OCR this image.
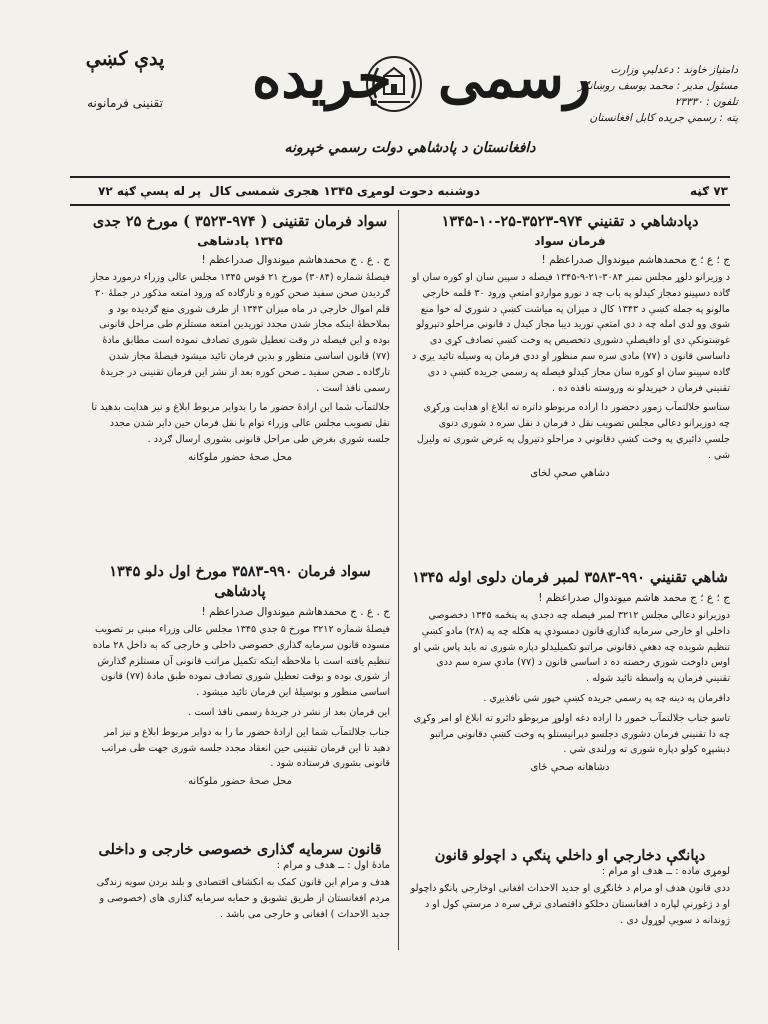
پدې کښې
تقنینی فرمانونه	رسمی
جریده
دافغانستان د پادشاهي دولت رسمي خپرونه
دامتیاز خاوند : دعدلیې وزارت
مسئول مدیر : محمد یوسف روښانګر
تلفون : ۲۳۳۳۰
پته : رسمي جریده کابل افغانستان
۷۳ ګڼه
دوشنبه دحوت لومړی ۱۳۴۵ هجری شمسی کال
پر له پسې ګڼه ۷۲

دپادشاهي د تقنیني ۹۷۴-۳۵۲۳-۲۵-۱۰-۱۳۴۵

فرمان سواد

ج ؛ ع ؛ ج محمدهاشم میوندوال صدراعظم !

د وزیرانو دلوړ مجلس نمبر ۳۰۸۴-۲۱-۹-۱۳۴۵ فیصله د سپین سان او کوره سان او ګاده دسپینو دمجاز کیدلو په باب چه د نورو مواردو امتعې ورود ۳۰ قلمه خارجي مالونو په جمله کښې د ۱۳۴۳ کال د میزان په میاشت کښې د شوري له خوا منع شوی وو لدی امله چه د دی امتعې تورید دیبا مجاز کیدل د قانوني مراحلو دتېرولو غوښتونکې دی او دافیصلې دشوری دتخصیص په وخت کښې تصادف کړی دی داساسي قانون د (۷۷) مادی سره سم منظور او ددي فرمان په وسیله تائید یږي د ګاده سپینو سان او کوره سان مجاز کیدلو فیصله په رسمي جریده کښې د دی تقنیني فرمان د خپریدلو نه وروسته نافذه ده .

ستاسو جلالتمآب زموږ دحضور دا اراده مربوطو داتره ته ابلاغ او هدایت ورکړی چه دوزیرانو دعالي مجلس تصویب نقل د فرمان د نقل سره د شوری دنوی جلسې دائیري په وخت کښې دقانوني د مراحلو دتیرول په غرض شوری ته ولیږل شي .

دشاهي صحې لخای

شاهي تقنیني ۹۹۰-۳۵۸۳ لمبر فرمان دلوی اوله ۱۳۴۵

ج ؛ ع ؛ ج محمد هاشم میوندوال صدراعظم !

دوزیرانو دعالي مجلس ۳۲۱۲ لمبر فیصله چه دجدی په پنځمه ۱۳۴۵ دخصوصي داخلي او خارجي سرمایه ګذارۍ قانون دمسودې په هکله چه په (۲۸) مادو کښې تنظیم شویده چه دهغې دقانوني مراتبو تکمیلیدلو دپاره شوری ته باید پاس شي او اوس داوخت شوري رخصته ده د اساسي قانون د (۷۷) مادې سره سم ددی تقنیني فرمان په واسطه تائید شوله .

دافرمان په دینه چه په رسمي جریده کښې خپور شي نافذیږي .

تاسو جناب جلالتمآب خموږ دا اراده دغه اولوړ مربوطو دائرو ته ابلاغ او امر وکړی چه دا تقنیني فرمان دشوری دجلسو دپرانیستلو په وخت کښې دقانوني مراتبو دبشپړه کولو دپاره شوری ته ورلندی شي .

دشاهانه صحې ځای

دپانګې دخارجي او داخلي پنګې د اچولو قانون

لومړی ماده : ــ هدف او مرام :

ددی قانون هدف او مرام د ځانګړی او جدید الاحداث افغانی اوخارجي پانګو داچولو او د ژغورنې لپاره د افغانستان دخلکو داقتصادی ترقۍ سره د مرستې کول او د ژوندانه د سویې لوړول دی .

سواد فرمان تقنینی ( ۹۷۴-۳۵۲۳ ) مورخ ۲۵ جدی

۱۳۴۵ پادشاهی

ج . ع . ج محمدهاشم میوندوال صدراعظم !

فیصلهٔ شماره (۳۰۸۴) مورخ ۲۱ قوس ۱۳۴۵ مجلس عالی وزراء درمورد مجاز ګردیدن صحن سفید صحن کوره و تارګاده که ورود امتعه مذکور در جملهٔ ۳۰ قلم اموال خارجی در ماه میزان ۱۳۴۳ از طرف شوری منع ګردیده بود و بملاحظهٔ اینکه مجاز شدن مجدد توریدین امتعه مستلزم طی مراحل قانونی بوده و این فیصله در وقت تعطیل شوری تصادف نموده است مطابق مادهٔ (۷۷) قانون اساسی منظور و بدین فرمان تائید میشود فیصلهٔ مجاز شدن تارګاده ـ صحن سفید ـ صحن کوره بعد از نشر این فرمان تقنینی در جریدهٔ رسمی نافذ است .

جلالتمآب شما این ارادهٔ حضور ما را بدوایر مربوط ابلاغ و نیز هدایت بدهید تا نقل تصویب مجلس عالی وزراء توام با نقل فرمان حین دایر شدن مجدد جلسه شوری بغرض طی مراحل قانونی بشوری ارسال ګردد .

محل صحهٔ حضور ملوکانه

سواد فرمان ۹۹۰-۳۵۸۳ مورخ اول دلو ۱۳۴۵ پادشاهی

ج . ع . ج محمدهاشم میوندوال صدراعظم !

فیصلهٔ شماره ۳۲۱۲ مورخ ۵ جدی ۱۳۴۵ مجلس عالی وزراء مبنی بر تصویب مسوده قانون سرمایه ګذاری خصوصی داخلی و خارجی که به داخل ۲۸ ماده تنظیم یافته است با ملاحظه اینکه تکمیل مراتب قانونی آن مستلزم ګذارش از شوری بوده و بوقت تعطیل شوری تصادف نموده طبق مادهٔ (۷۷) قانون اساسی منظور و بوسیلهٔ این فرمان تائید میشود .

این فرمان بعد از نشر در جریدهٔ رسمی نافذ است .

جناب جلالتمآب شما این ارادهٔ حضور ما را به دوایر مربوط ابلاغ و نیز امر دهید تا این فرمان تقنینی حین انعقاد مجدد جلسه شوری جهت طی مراتب قانونی بشوری فرستاده شود .

محل صحهٔ حضور ملوکانه

قانون سرمایه ګذاری خصوصی خارجی و داخلی

مادهٔ اول : ــ هدف و مرام :

هدف و مرام این قانون کمک به انکشاف اقتصادی و بلند بردن سویه زندګی مردم افغانستان از طریق تشویق و حمایه سرمایه ګذاری های (خصوصی و جدید الاحداث ) افغانی و خارجی می باشد .
